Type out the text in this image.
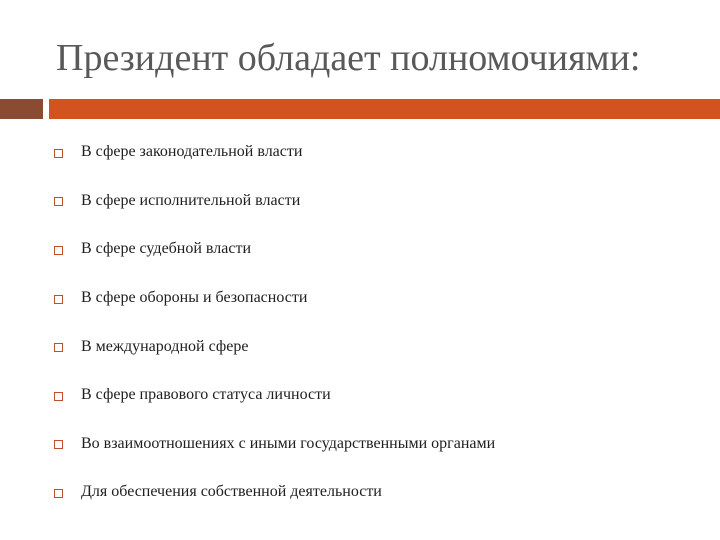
Президент обладает полномочиями:
В сфере законодательной власти
В сфере исполнительной власти
В сфере судебной власти
В сфере обороны и безопасности
В международной сфере
В сфере правового статуса личности
Во взаимоотношениях с иными государственными органами
Для обеспечения собственной деятельности
